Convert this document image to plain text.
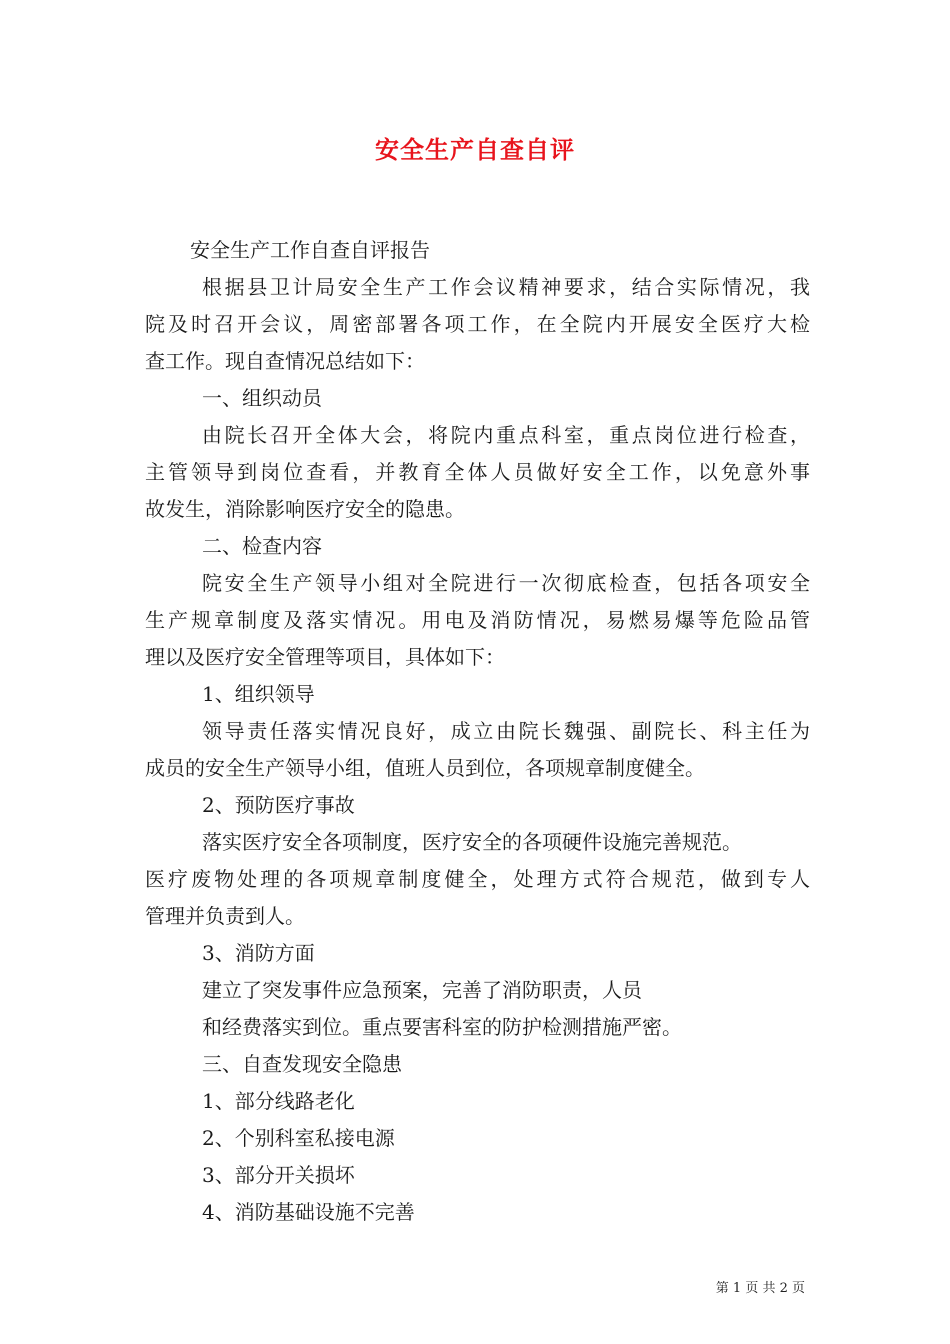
安全生产自查自评
安全生产工作自查自评报告
根据县卫计局安全生产工作会议精神要求，结合实际情况，我
院及时召开会议，周密部署各项工作，在全院内开展安全医疗大检
查工作。现自查情况总结如下：
一、组织动员
由院长召开全体大会，将院内重点科室，重点岗位进行检查，
主管领导到岗位查看，并教育全体人员做好安全工作，以免意外事
故发生，消除影响医疗安全的隐患。
二、检查内容
院安全生产领导小组对全院进行一次彻底检查，包括各项安全
生产规章制度及落实情况。用电及消防情况，易燃易爆等危险品管
理以及医疗安全管理等项目，具体如下：
1、组织领导
领导责任落实情况良好，成立由院长魏强、副院长、科主任为
成员的安全生产领导小组，值班人员到位，各项规章制度健全。
2、预防医疗事故
落实医疗安全各项制度，医疗安全的各项硬件设施完善规范。
医疗废物处理的各项规章制度健全，处理方式符合规范，做到专人
管理并负责到人。
3、消防方面
建立了突发事件应急预案，完善了消防职责，人员
和经费落实到位。重点要害科室的防护检测措施严密。
三、自查发现安全隐患
1、部分线路老化
2、个别科室私接电源
3、部分开关损坏
4、消防基础设施不完善
第 1 页 共 2 页
